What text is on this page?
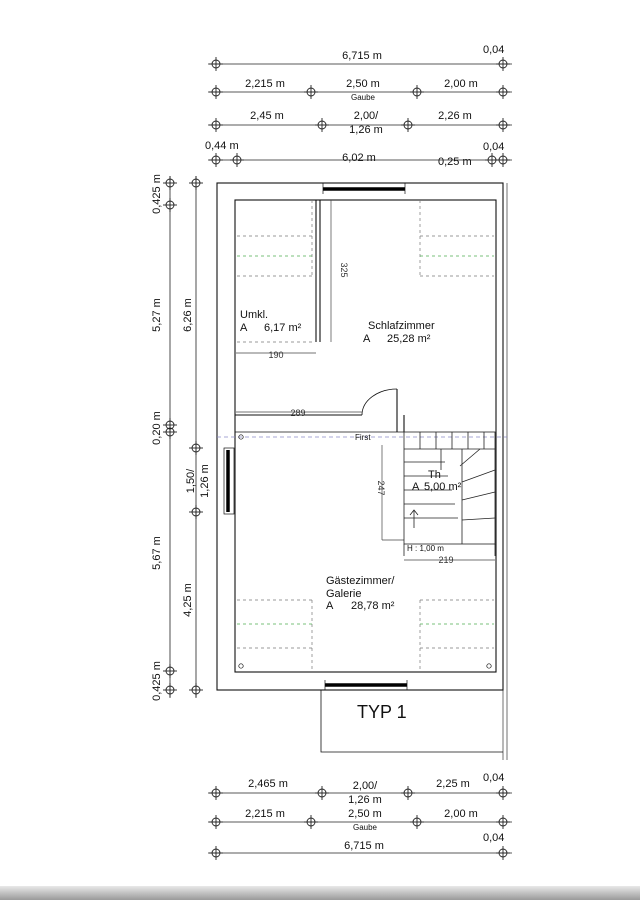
6,715 m	0,04
2,215 m	2,50 m
Gaube
2,00 m
2,45 m	2,00/
1,26 m
2,26 m
0,44 m
6,02 m	0,25 m
0,04
0,425 m
5,27 m
0,20 m
5,67 m
0,425 m
6,26 m
1,50/ 1,26 m
4,25 m
First
325
190
289
247
219
H : 1,00 m
Umkl.
A 6,17 m²	Schlafzimmer
A 25,28 m²
Th
A 5,00 m²
Gästezimmer/
Galerie
A 28,78 m²
TYP 1
2,465 m	2,00/
1,26 m
2,25 m 0,04
2,215 m	2,50 m
Gaube
2,00 m
6,715 m
0,04
